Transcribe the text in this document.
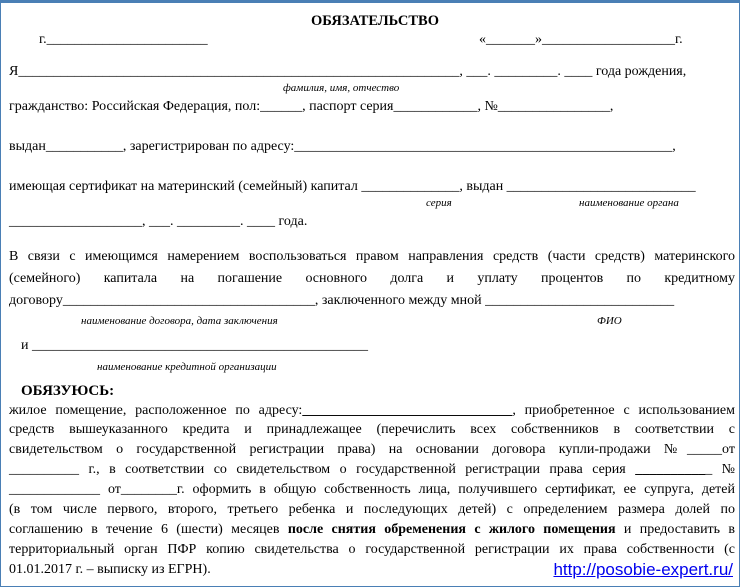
ОБЯЗАТЕЛЬСТВО
г._______________________	«_______»___________________г.
Я_______________________________________________________________, ___. _________. ____ года рождения,
фамилия, имя, отчество
гражданство: Российская Федерация, пол:______, паспорт серия____________, №________________,
выдан___________, зарегистрирован по адресу:______________________________________________________,
имеющая сертификат на материнский (семейный) капитал ______________, выдан ___________________________
серия	наименование органа
___________________, ___. _________. ____ года.
В связи с имеющимся намерением воспользоваться правом направления средств (части средств) материнского
(семейного) капитала на погашение основного долга и уплату процентов по кредитному
договору____________________________________, заключенного между мной ___________________________
наименование договора, дата заключения	ФИО
и ________________________________________________
наименование кредитной организации
ОБЯЗУЮСЬ:
жилое помещение, расположенное по адресу:______________________________, приобретенное с использованием
средств вышеуказанного кредита и принадлежащее (перечислить всех собственников в соответствии с
свидетельством о государственной регистрации права) на основании договора купли-продажи №_____от
__________ г., в соответствии со свидетельством о государственной регистрации права серия ___________ №
_____________ от________г. оформить в общую собственность лица, получившего сертификат, ее супруга, детей
(в том числе первого, второго, третьего ребенка и последующих детей) с определением размера долей по
соглашению в течение 6 (шести) месяцев после снятия обременения с жилого помещения и предоставить в
территориальный орган ПФР копию свидетельства о государственной регистрации их права собственности (с
01.01.2017 г. – выписку из ЕГРН).	http://posobie-expert.ru/
